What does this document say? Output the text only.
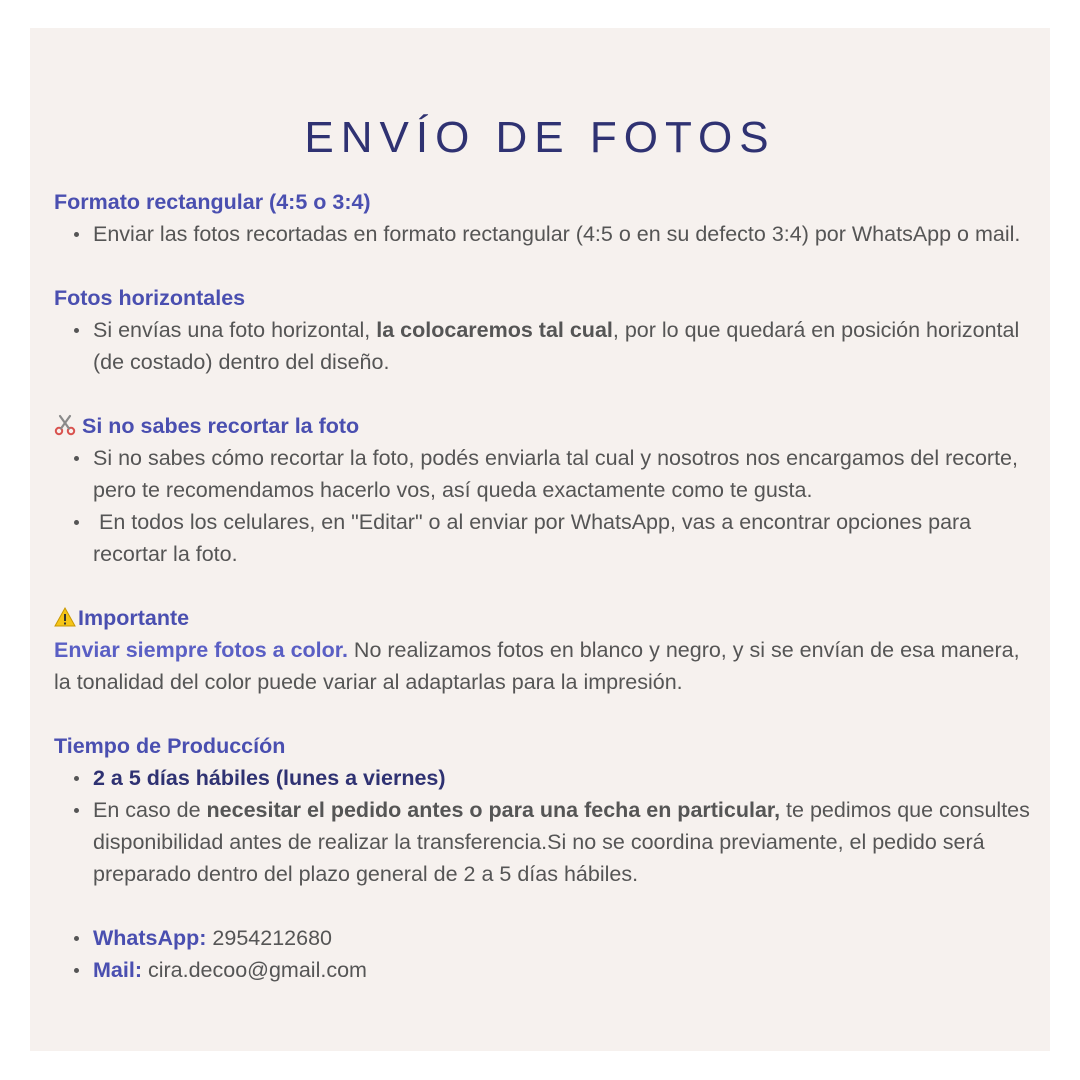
ENVÍO DE FOTOS

Formato rectangular (4:5 o 3:4)

Enviar las fotos recortadas en formato rectangular (4:5 o en su defecto 3:4) por WhatsApp o mail.

Fotos horizontales

Si envías una foto horizontal, la colocaremos tal cual, por lo que quedará en posición horizontal (de costado) dentro del diseño.

Si no sabes recortar la foto

Si no sabes cómo recortar la foto, podés enviarla tal cual y nosotros nos encargamos del recorte, pero te recomendamos hacerlo vos, así queda exactamente como te gusta.
En todos los celulares, en "Editar" o al enviar por WhatsApp, vas a encontrar opciones para recortar la foto.

Importante

Enviar siempre fotos a color. No realizamos fotos en blanco y negro, y si se envían de esa manera, la tonalidad del color puede variar al adaptarlas para la impresión.

Tiempo de Produccíón

2 a 5 días hábiles (lunes a viernes)
En caso de necesitar el pedido antes o para una fecha en particular, te pedimos que consultes disponibilidad antes de realizar la transferencia.Si no se coordina previamente, el pedido será preparado dentro del plazo general de 2 a 5 días hábiles.
WhatsApp: 2954212680
Mail: cira.decoo@gmail.com
